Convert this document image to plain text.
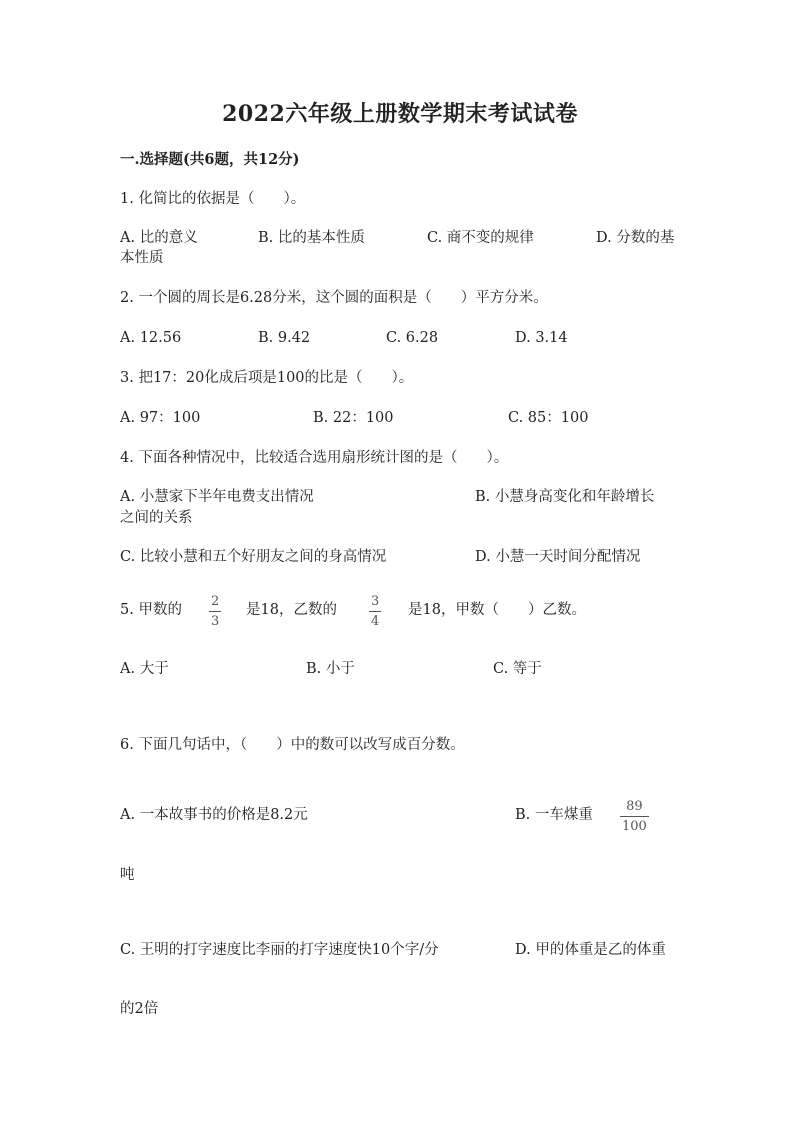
2022六年级上册数学期末考试试卷
一.选择题(共6题，共12分)
1. 化简比的依据是（　　）。
A. 比的意义	B. 比的基本性质	C. 商不变的规律	D. 分数的基
本性质
2. 一个圆的周长是6.28分米，这个圆的面积是（　　）平方分米。
A. 12.56	B. 9.42	C. 6.28	D. 3.14
3. 把17：20化成后项是100的比是（　　）。
A. 97：100	B. 22：100	C. 85：100
4. 下面各种情况中，比较适合选用扇形统计图的是（　　）。
A. 小慧家下半年电费支出情况	B. 小慧身高变化和年龄增长
之间的关系
C. 比较小慧和五个好朋友之间的身高情况	D. 小慧一天时间分配情况
5. 甲数的
2
3
是18，乙数的
3
4
是18，甲数（　　）乙数。
A. 大于	B. 小于	C. 等于
6. 下面几句话中，（　　）中的数可以改写成百分数。
A. 一本故事书的价格是8.2元	B. 一车煤重
89
100
吨
C. 王明的打字速度比李丽的打字速度快10个字/分	D. 甲的体重是乙的体重
的2倍
